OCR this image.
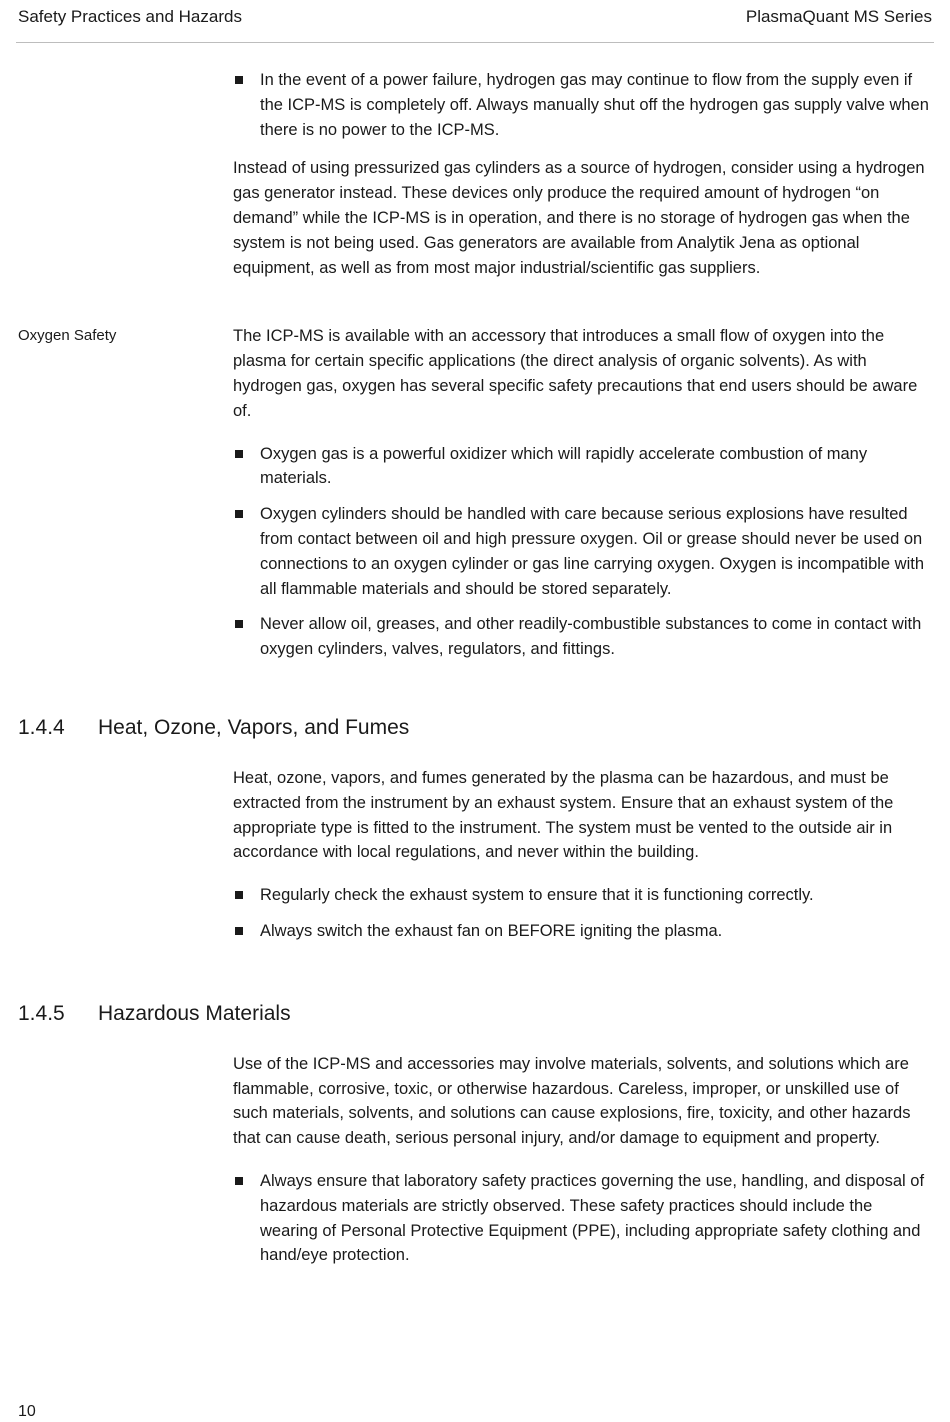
Safety Practices and Hazards	PlasmaQuant MS Series
In the event of a power failure, hydrogen gas may continue to flow from the supply even if the ICP-MS is completely off. Always manually shut off the hydrogen gas supply valve when there is no power to the ICP-MS.

Instead of using pressurized gas cylinders as a source of hydrogen, consider using a hydrogen gas generator instead. These devices only produce the required amount of hydrogen “on demand” while the ICP-MS is in operation, and there is no storage of hydrogen gas when the system is not being used. Gas generators are available from Analytik Jena as optional equipment, as well as from most major industrial/scientific gas suppliers.

Oxygen Safety	The ICP-MS is available with an accessory that introduces a small flow of oxygen into the plasma for certain specific applications (the direct analysis of organic solvents). As with hydrogen gas, oxygen has several specific safety precautions that end users should be aware of.

Oxygen gas is a powerful oxidizer which will rapidly accelerate combustion of many materials.
Oxygen cylinders should be handled with care because serious explosions have resulted from contact between oil and high pressure oxygen. Oil or grease should never be used on connections to an oxygen cylinder or gas line carrying oxygen. Oxygen is incompatible with all flammable materials and should be stored separately.
Never allow oil, greases, and other readily-combustible substances to come in contact with oxygen cylinders, valves, regulators, and fittings.
1.4.4 Heat, Ozone, Vapors, and Fumes

Heat, ozone, vapors, and fumes generated by the plasma can be hazardous, and must be extracted from the instrument by an exhaust system. Ensure that an exhaust system of the appropriate type is fitted to the instrument. The system must be vented to the outside air in accordance with local regulations, and never within the building.

Regularly check the exhaust system to ensure that it is functioning correctly.
Always switch the exhaust fan on BEFORE igniting the plasma.
1.4.5 Hazardous Materials

Use of the ICP-MS and accessories may involve materials, solvents, and solutions which are flammable, corrosive, toxic, or otherwise hazardous. Careless, improper, or unskilled use of such materials, solvents, and solutions can cause explosions, fire, toxicity, and other hazards that can cause death, serious personal injury, and/or damage to equipment and property.

Always ensure that laboratory safety practices governing the use, handling, and disposal of hazardous materials are strictly observed. These safety practices should include the wearing of Personal Protective Equipment (PPE), including appropriate safety clothing and hand/eye protection.
10
